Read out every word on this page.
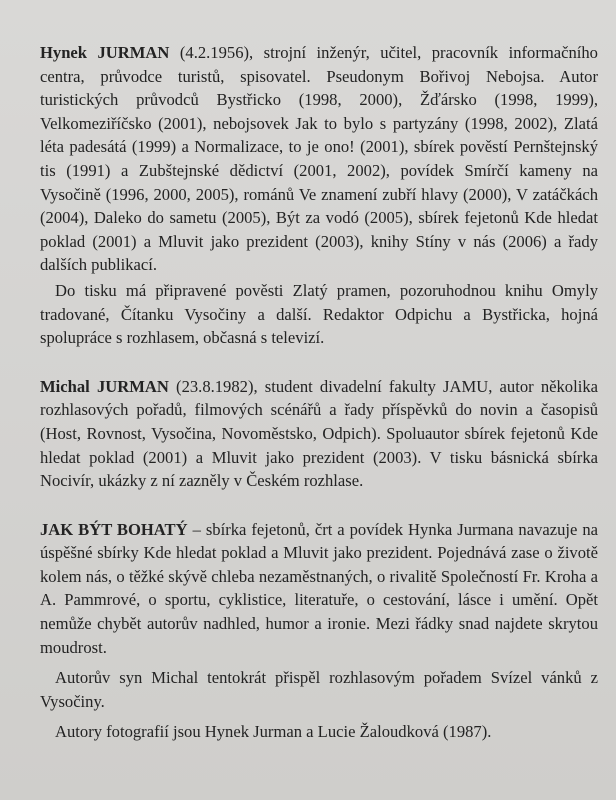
Hynek JURMAN (4.2.1956), strojní inženýr, učitel, pracovník informačního centra, průvodce turistů, spisovatel. Pseudonym Bořivoj Nebojsa. Autor turistických průvodců Bystřicko (1998, 2000), Žďársko (1998, 1999), Velkomeziříčsko (2001), nebojsovek Jak to bylo s partyzány (1998, 2002), Zlatá léta padesátá (1999) a Normalizace, to je ono! (2001), sbírek pověstí Pernštejnský tis (1991) a Zubštejnské dědictví (2001, 2002), povídek Smírčí kameny na Vysočině (1996, 2000, 2005), románů Ve znamení zubří hlavy (2000), V zatáčkách (2004), Daleko do sametu (2005), Být za vodó (2005), sbírek fejetonů Kde hledat poklad (2001) a Mluvit jako prezident (2003), knihy Stíny v nás (2006) a řady dalších publikací.

Do tisku má připravené pověsti Zlatý pramen, pozoruhodnou knihu Omyly tradované, Čítanku Vysočiny a další. Redaktor Odpichu a Bystřicka, hojná spolupráce s rozhlasem, občasná s televizí.

Michal JURMAN (23.8.1982), student divadelní fakulty JAMU, autor několika rozhlasových pořadů, filmových scénářů a řady příspěvků do novin a časopisů (Host, Rovnost, Vysočina, Novoměstsko, Odpich). Spoluautor sbírek fejetonů Kde hledat poklad (2001) a Mluvit jako prezident (2003). V tisku básnická sbírka Nocivír, ukázky z ní zazněly v Českém rozhlase.

JAK BÝT BOHATÝ – sbírka fejetonů, črt a povídek Hynka Jurmana navazuje na úspěšné sbírky Kde hledat poklad a Mluvit jako prezident. Pojednává zase o životě kolem nás, o těžké skývě chleba nezaměstnaných, o rivalitě Společností Fr. Kroha a A. Pammrové, o sportu, cyklistice, literatuře, o cestování, lásce i umění. Opět nemůže chybět autorův nadhled, humor a ironie. Mezi řádky snad najdete skrytou moudrost.

Autorův syn Michal tentokrát přispěl rozhlasovým pořadem Svízel vánků z Vysočiny.

Autory fotografií jsou Hynek Jurman a Lucie Žaloudková (1987).
